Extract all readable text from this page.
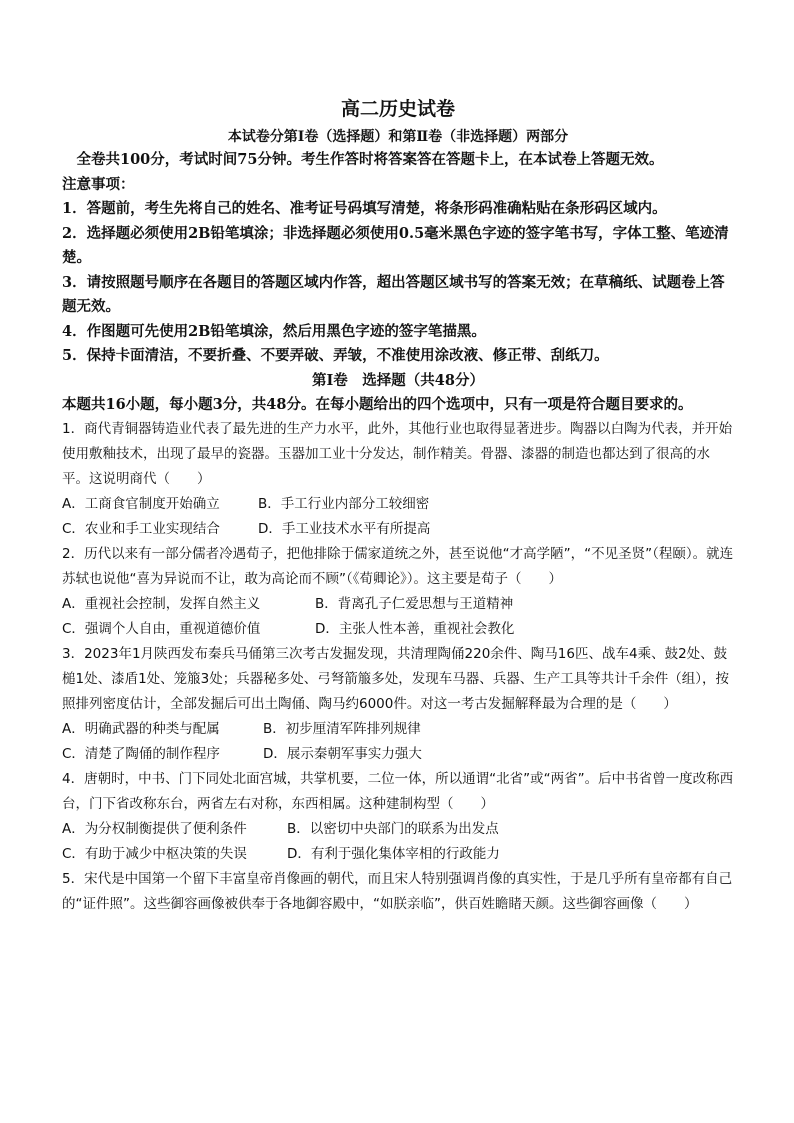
高二历史试卷

本试卷分第Ⅰ卷（选择题）和第Ⅱ卷（非选择题）两部分

全卷共100分，考试时间75分钟。考生作答时将答案答在答题卡上，在本试卷上答题无效。

注意事项：

1．答题前，考生先将自己的姓名、准考证号码填写清楚，将条形码准确粘贴在条形码区域内。

2．选择题必须使用2B铅笔填涂；非选择题必须使用0.5毫米黑色字迹的签字笔书写，字体工整、笔迹清楚。

3．请按照题号顺序在各题目的答题区域内作答，超出答题区域书写的答案无效；在草稿纸、试题卷上答题无效。

4．作图题可先使用2B铅笔填涂，然后用黑色字迹的签字笔描黑。

5．保持卡面清洁，不要折叠、不要弄破、弄皱，不准使用涂改液、修正带、刮纸刀。

第Ⅰ卷　选择题（共48分）

本题共16小题，每小题3分，共48分。在每小题给出的四个选项中，只有一项是符合题目要求的。

1．商代青铜器铸造业代表了最先进的生产力水平，此外，其他行业也取得显著进步。陶器以白陶为代表，并开始使用敷釉技术，出现了最早的瓷器。玉器加工业十分发达，制作精美。骨器、漆器的制造也都达到了很高的水平。这说明商代（　　）

A．工商食官制度开始确立	B．手工行业内部分工较细密
C．农业和手工业实现结合	D．手工业技术水平有所提高

2．历代以来有一部分儒者冷遇荀子，把他排除于儒家道统之外，甚至说他“才高学陋”，“不见圣贤”（程颐）。就连苏轼也说他“喜为异说而不让，敢为高论而不顾”（《荀卿论》）。这主要是荀子（　　）

A．重视社会控制，发挥自然主义	B．背离孔子仁爱思想与王道精神
C．强调个人自由，重视道德价值	D．主张人性本善，重视社会教化

3．2023年1月陕西发布秦兵马俑第三次考古发掘发现，共清理陶俑220余件、陶马16匹、战车4乘、鼓2处、鼓槌1处、漆盾1处、笼箙3处；兵器秘多处、弓弩箭箙多处，发现车马器、兵器、生产工具等共计千余件（组），按照排列密度估计，全部发掘后可出土陶俑、陶马约6000件。对这一考古发掘解释最为合理的是（　　）

A．明确武器的种类与配属	B．初步厘清军阵排列规律
C．清楚了陶俑的制作程序	D．展示秦朝军事实力强大

4．唐朝时，中书、门下同处北面宫城，共掌机要，二位一体，所以通谓“北省”或“两省”。后中书省曾一度改称西台，门下省改称东台，两省左右对称，东西相属。这种建制构型（　　）

A．为分权制衡提供了便利条件	B．以密切中央部门的联系为出发点
C．有助于减少中枢决策的失误	D．有利于强化集体宰相的行政能力

5．宋代是中国第一个留下丰富皇帝肖像画的朝代，而且宋人特别强调肖像的真实性，于是几乎所有皇帝都有自己的“证件照”。这些御容画像被供奉于各地御容殿中，“如朕亲临”，供百姓瞻睹天颜。这些御容画像（　　）
